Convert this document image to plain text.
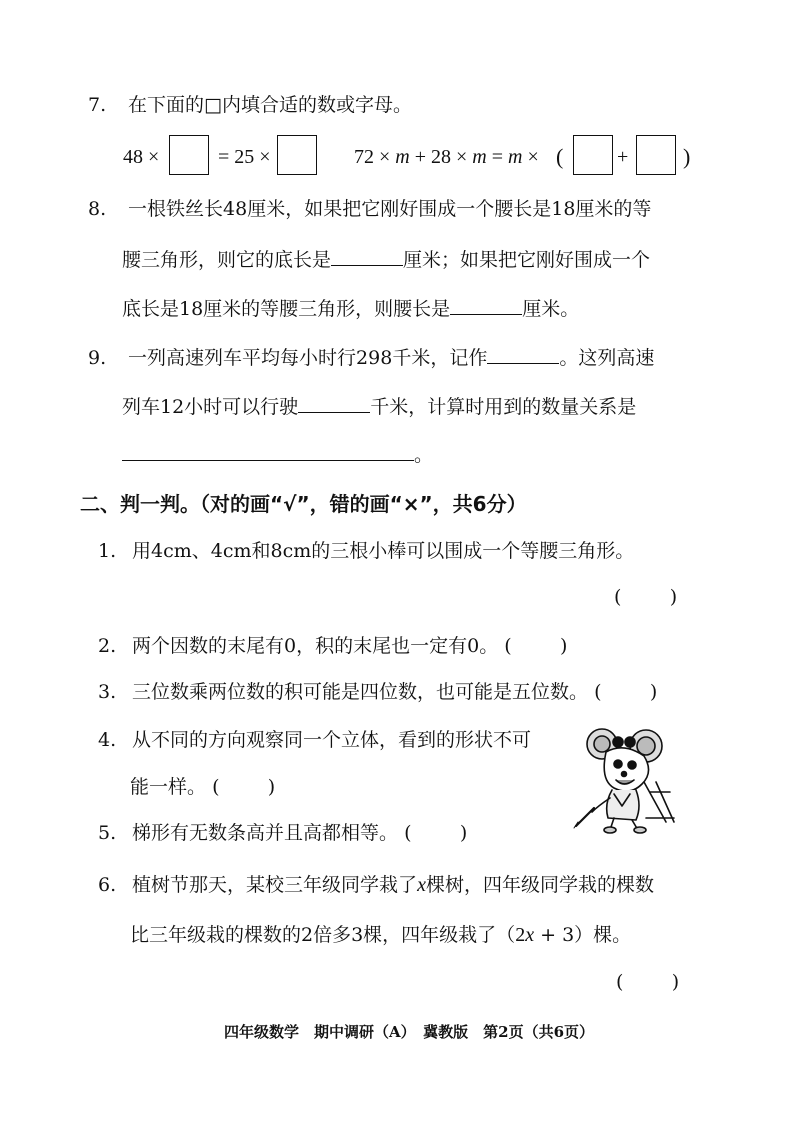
7. 在下面的□内填合适的数或字母。
48 ×	= 25 ×	72 × m + 28 × m = m × (	+ )
8. 一根铁丝长48厘米，如果把它刚好围成一个腰长是18厘米的等
腰三角形，则它的底长是	厘米；如果把它刚好围成一个
底长是18厘米的等腰三角形，则腰长是	厘米。
9. 一列高速列车平均每小时行298千米，记作	。这列高速
列车12小时可以行驶	千米，计算时用到的数量关系是
。
二、判一判。（对的画“√”，错的画“×”，共6分）
1. 用4cm、4cm和8cm的三根小棒可以围成一个等腰三角形。
(        )
2. 两个因数的末尾有0，积的末尾也一定有0。 (        )
3. 三位数乘两位数的积可能是四位数，也可能是五位数。 (        )
4. 从不同的方向观察同一个立体，看到的形状不可
能一样。 (        )
5. 梯形有无数条高并且高都相等。 (        )
6. 植树节那天，某校三年级同学栽了x棵树，四年级同学栽的棵数
比三年级栽的棵数的2倍多3棵，四年级栽了（2x + 3）棵。
(        )
四年级数学　期中调研（A）　冀教版　第2页（共6页）
